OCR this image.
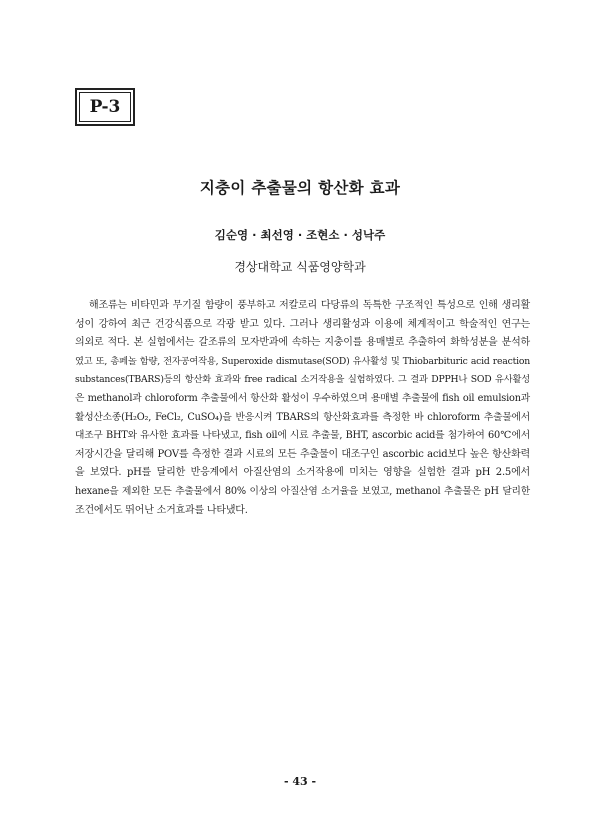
P-3
지충이 추출물의 항산화 효과
김순영 · 최선영 · 조현소 · 성낙주
경상대학교 식품영양학과
해조류는 비타민과 무기질 함량이 풍부하고 저칼로리 다당류의 독특한 구조적인 특성으로 인해 생리활
성이 강하여 최근 건강식품으로 각광 받고 있다. 그러나 생리활성과 이용에 체계적이고 학술적인 연구는
의외로 적다. 본 실험에서는 갈조류의 모자반과에 속하는 지충이를 용매별로 추출하여 화학성분을 분석하
였고 또, 총페놀 함량, 전자공여작용, Superoxide dismutase(SOD) 유사활성 및 Thiobarbituric acid reaction
substances(TBARS)등의 항산화 효과와 free radical 소거작용을 실험하였다. 그 결과 DPPH나 SOD 유사활성
은 methanol과 chloroform 추출물에서 항산화 활성이 우수하였으며 용매별 추출물에 fish oil emulsion과
활성산소종(H₂O₂, FeCl₂, CuSO₄)을 반응시켜 TBARS의 항산화효과를 측정한 바 chloroform 추출물에서
대조구 BHT와 유사한 효과를 나타냈고, fish oil에 시료 추출물, BHT, ascorbic acid를 첨가하여 60℃에서
저장시간을 달리해 POV를 측정한 결과 시료의 모든 추출물이 대조구인 ascorbic acid보다 높은 항산화력
을 보였다. pH를 달리한 반응계에서 아질산염의 소거작용에 미치는 영향을 실험한 결과 pH 2.5에서
hexane을 제외한 모든 추출물에서 80% 이상의 아질산염 소거율을 보였고, methanol 추출물은 pH 달리한
조건에서도 뛰어난 소거효과를 나타냈다.
- 43 -
